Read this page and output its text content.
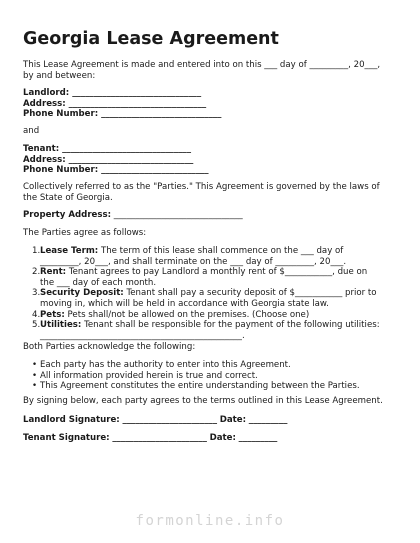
Georgia Lease Agreement
This Lease Agreement is made and entered into on this ___ day of _________, 20___, by and between:
Landlord: ______________________________
Address: ________________________________
Phone Number: ____________________________
and
Tenant: ______________________________
Address: _____________________________
Phone Number: _________________________
Collectively referred to as the "Parties." This Agreement is governed by the laws of the State of Georgia.
Property Address: ______________________________
The Parties agree as follows:
1. Lease Term: The term of this lease shall commence on the ___ day of _________, 20___, and shall terminate on the ___ day of _________, 20___.
2. Rent: Tenant agrees to pay Landlord a monthly rent of $___________, due on the ___ day of each month.
3. Security Deposit: Tenant shall pay a security deposit of $___________ prior to moving in, which will be held in accordance with Georgia state law.
4. Pets: Pets shall/not be allowed on the premises. (Choose one)
5. Utilities: Tenant shall be responsible for the payment of the following utilities: _______________________________________________.
Both Parties acknowledge the following:
• Each party has the authority to enter into this Agreement.
• All information provided herein is true and correct.
• This Agreement constitutes the entire understanding between the Parties.
By signing below, each party agrees to the terms outlined in this Lease Agreement.
Landlord Signature: ______________________ Date: _________
Tenant Signature: ______________________ Date: _________
formonline.info
